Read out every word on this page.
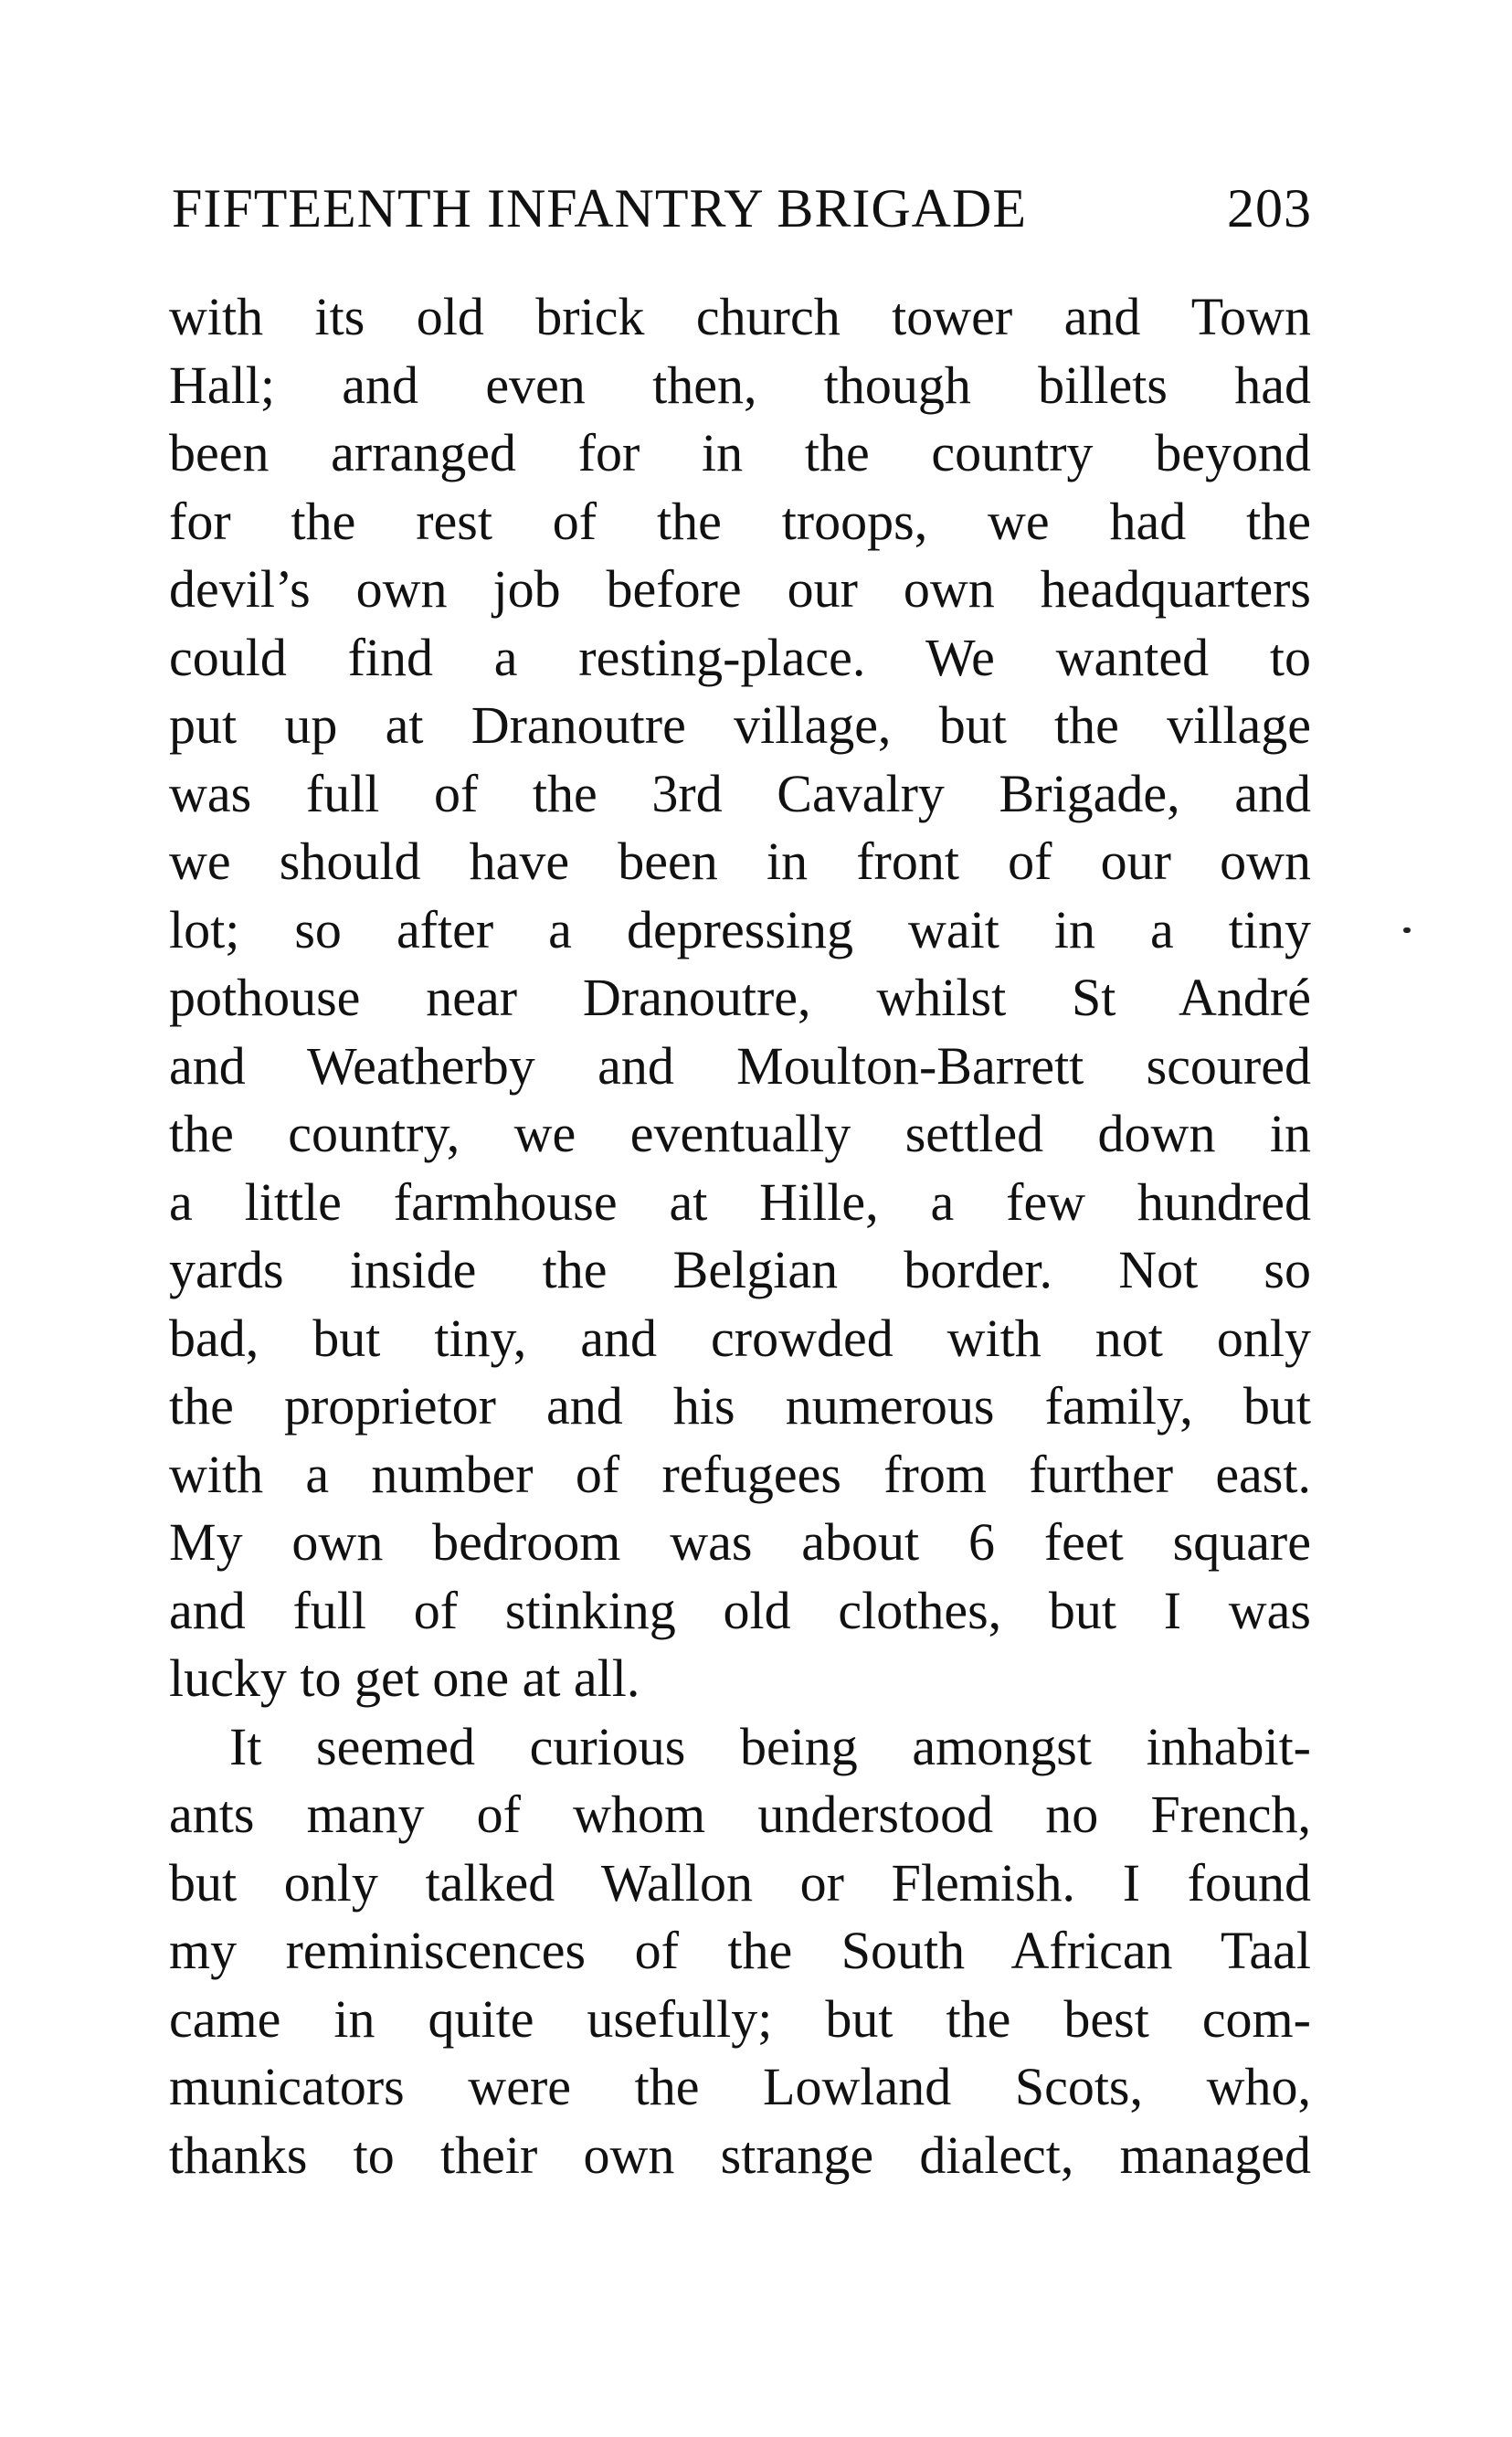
FIFTEENTH INFANTRY BRIGADE	203
with its old brick church tower and Town
Hall; and even then, though billets had
been arranged for in the country beyond
for the rest of the troops, we had the
devil’s own job before our own headquarters
could find a resting-place. We wanted to
put up at Dranoutre village, but the village
was full of the 3rd Cavalry Brigade, and
we should have been in front of our own
lot; so after a depressing wait in a tiny
pothouse near Dranoutre, whilst St André
and Weatherby and Moulton-Barrett scoured
the country, we eventually settled down in
a little farmhouse at Hille, a few hundred
yards inside the Belgian border. Not so
bad, but tiny, and crowded with not only
the proprietor and his numerous family, but
with a number of refugees from further east.
My own bedroom was about 6 feet square
and full of stinking old clothes, but I was
lucky to get one at all.
It seemed curious being amongst inhabit-
ants many of whom understood no French,
but only talked Wallon or Flemish. I found
my reminiscences of the South African Taal
came in quite usefully; but the best com-
municators were the Lowland Scots, who,
thanks to their own strange dialect, managed
